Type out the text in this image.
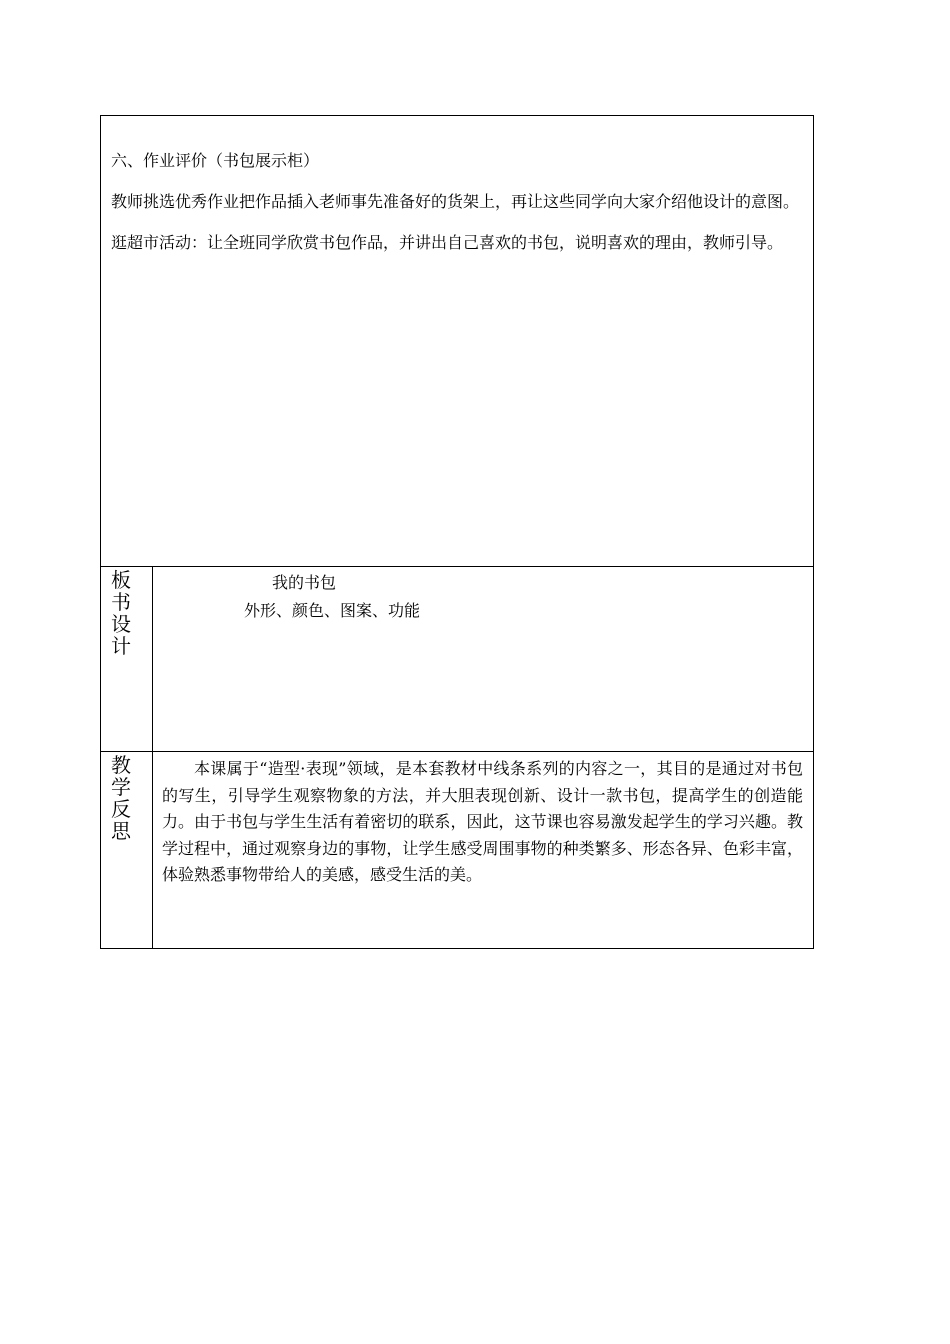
六、作业评价（书包展示柜）

教师挑选优秀作业把作品插入老师事先准备好的货架上，再让这些同学向大家介绍他设计的意图。

逛超市活动：让全班同学欣赏书包作品，并讲出自己喜欢的书包，说明喜欢的理由，教师引导。	

板
书
设
计	我的书包
外形、颜色、图案、功能

教
学
反
思	本课属于“造型·表现”领域，是本套教材中线条系列的内容之一，其目的是通过对书包的写生，引导学生观察物象的方法，并大胆表现创新、设计一款书包，提高学生的创造能力。由于书包与学生生活有着密切的联系，因此，这节课也容易激发起学生的学习兴趣。教学过程中，通过观察身边的事物，让学生感受周围事物的种类繁多、形态各异、色彩丰富，体验熟悉事物带给人的美感，感受生活的美。
